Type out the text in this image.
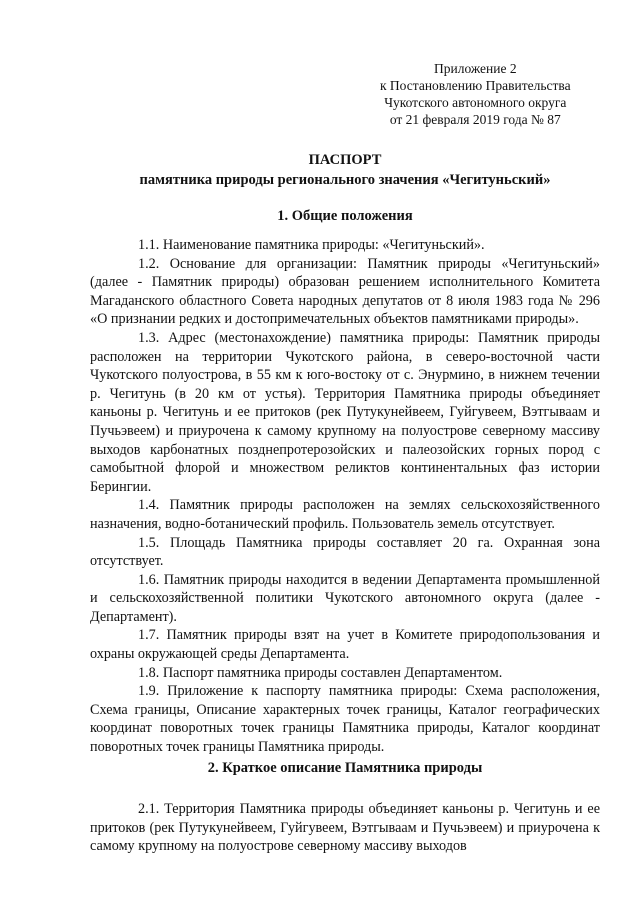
Приложение 2
к Постановлению Правительства
Чукотского автономного округа
от 21 февраля 2019 года № 87
ПАСПОРТ
памятника природы регионального значения «Чегитуньский»
1. Общие положения

1.1. Наименование памятника природы: «Чегитуньский».

1.2. Основание для организации: Памятник природы «Чегитуньский» (далее - Памятник природы) образован решением исполнительного Комитета Магаданского областного Совета народных депутатов от 8 июля 1983 года № 296 «О признании редких и достопримечательных объектов памятниками природы».

1.3. Адрес (местонахождение) памятника природы: Памятник природы расположен на территории Чукотского района, в северо-восточной части Чукотского полуострова, в 55 км к юго-востоку от с. Энурмино, в нижнем течении р. Чегитунь (в 20 км от устья). Территория Памятника природы объединяет каньоны р. Чегитунь и ее притоков (рек Путукунейвеем, Гуйгувеем, Вэтгываам и Пучьэвеем) и приурочена к самому крупному на полуострове северному массиву выходов карбонатных позднепротерозойских и палеозойских горных пород с самобытной флорой и множеством реликтов континентальных фаз истории Берингии.

1.4. Памятник природы расположен на землях сельскохозяйственного назначения, водно-ботанический профиль. Пользователь земель отсутствует.

1.5. Площадь Памятника природы составляет 20 га. Охранная зона отсутствует.

1.6. Памятник природы находится в ведении Департамента промышленной и сельскохозяйственной политики Чукотского автономного округа (далее - Департамент).

1.7. Памятник природы взят на учет в Комитете природопользования и охраны окружающей среды Департамента.

1.8. Паспорт памятника природы составлен Департаментом.

1.9. Приложение к паспорту памятника природы: Схема расположения, Схема границы, Описание характерных точек границы, Каталог географических координат поворотных точек границы Памятника природы, Каталог координат поворотных точек границы Памятника природы.

2. Краткое описание Памятника природы

2.1. Территория Памятника природы объединяет каньоны р. Чегитунь и ее притоков (рек Путукунейвеем, Гуйгувеем, Вэтгываам и Пучьэвеем) и приурочена к самому крупному на полуострове северному массиву выходов
